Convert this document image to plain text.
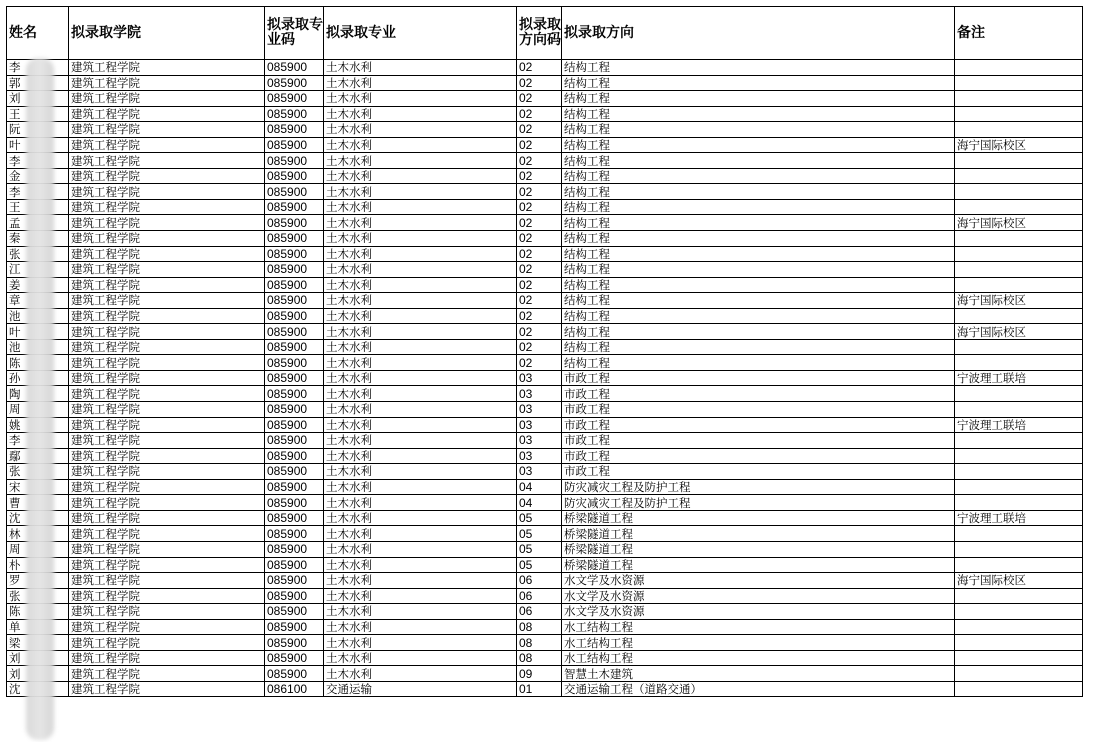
姓名	拟录取学院	拟录取专业码	拟录取专业	拟录取方向码	拟录取方向	备注
李	建筑工程学院	085900	土木水利	02	结构工程	
郭	建筑工程学院	085900	土木水利	02	结构工程	
刘	建筑工程学院	085900	土木水利	02	结构工程	
王	建筑工程学院	085900	土木水利	02	结构工程	
阮	建筑工程学院	085900	土木水利	02	结构工程	
叶	建筑工程学院	085900	土木水利	02	结构工程	海宁国际校区
李	建筑工程学院	085900	土木水利	02	结构工程	
金	建筑工程学院	085900	土木水利	02	结构工程	
李	建筑工程学院	085900	土木水利	02	结构工程	
王	建筑工程学院	085900	土木水利	02	结构工程	
孟	建筑工程学院	085900	土木水利	02	结构工程	海宁国际校区
秦	建筑工程学院	085900	土木水利	02	结构工程	
张	建筑工程学院	085900	土木水利	02	结构工程	
江	建筑工程学院	085900	土木水利	02	结构工程	
姜	建筑工程学院	085900	土木水利	02	结构工程	
章	建筑工程学院	085900	土木水利	02	结构工程	海宁国际校区
池	建筑工程学院	085900	土木水利	02	结构工程	
叶	建筑工程学院	085900	土木水利	02	结构工程	海宁国际校区
池	建筑工程学院	085900	土木水利	02	结构工程	
陈	建筑工程学院	085900	土木水利	02	结构工程	
孙	建筑工程学院	085900	土木水利	03	市政工程	宁波理工联培
陶	建筑工程学院	085900	土木水利	03	市政工程	
周	建筑工程学院	085900	土木水利	03	市政工程	
姚	建筑工程学院	085900	土木水利	03	市政工程	宁波理工联培
李	建筑工程学院	085900	土木水利	03	市政工程	
鄢	建筑工程学院	085900	土木水利	03	市政工程	
张	建筑工程学院	085900	土木水利	03	市政工程	
宋	建筑工程学院	085900	土木水利	04	防灾减灾工程及防护工程	
曹	建筑工程学院	085900	土木水利	04	防灾减灾工程及防护工程	
沈	建筑工程学院	085900	土木水利	05	桥梁隧道工程	宁波理工联培
林	建筑工程学院	085900	土木水利	05	桥梁隧道工程	
周	建筑工程学院	085900	土木水利	05	桥梁隧道工程	
朴	建筑工程学院	085900	土木水利	05	桥梁隧道工程	
罗	建筑工程学院	085900	土木水利	06	水文学及水资源	海宁国际校区
张	建筑工程学院	085900	土木水利	06	水文学及水资源	
陈	建筑工程学院	085900	土木水利	06	水文学及水资源	
单	建筑工程学院	085900	土木水利	08	水工结构工程	
梁	建筑工程学院	085900	土木水利	08	水工结构工程	
刘	建筑工程学院	085900	土木水利	08	水工结构工程	
刘	建筑工程学院	085900	土木水利	09	智慧土木建筑	
沈	建筑工程学院	086100	交通运输	01	交通运输工程（道路交通）	
